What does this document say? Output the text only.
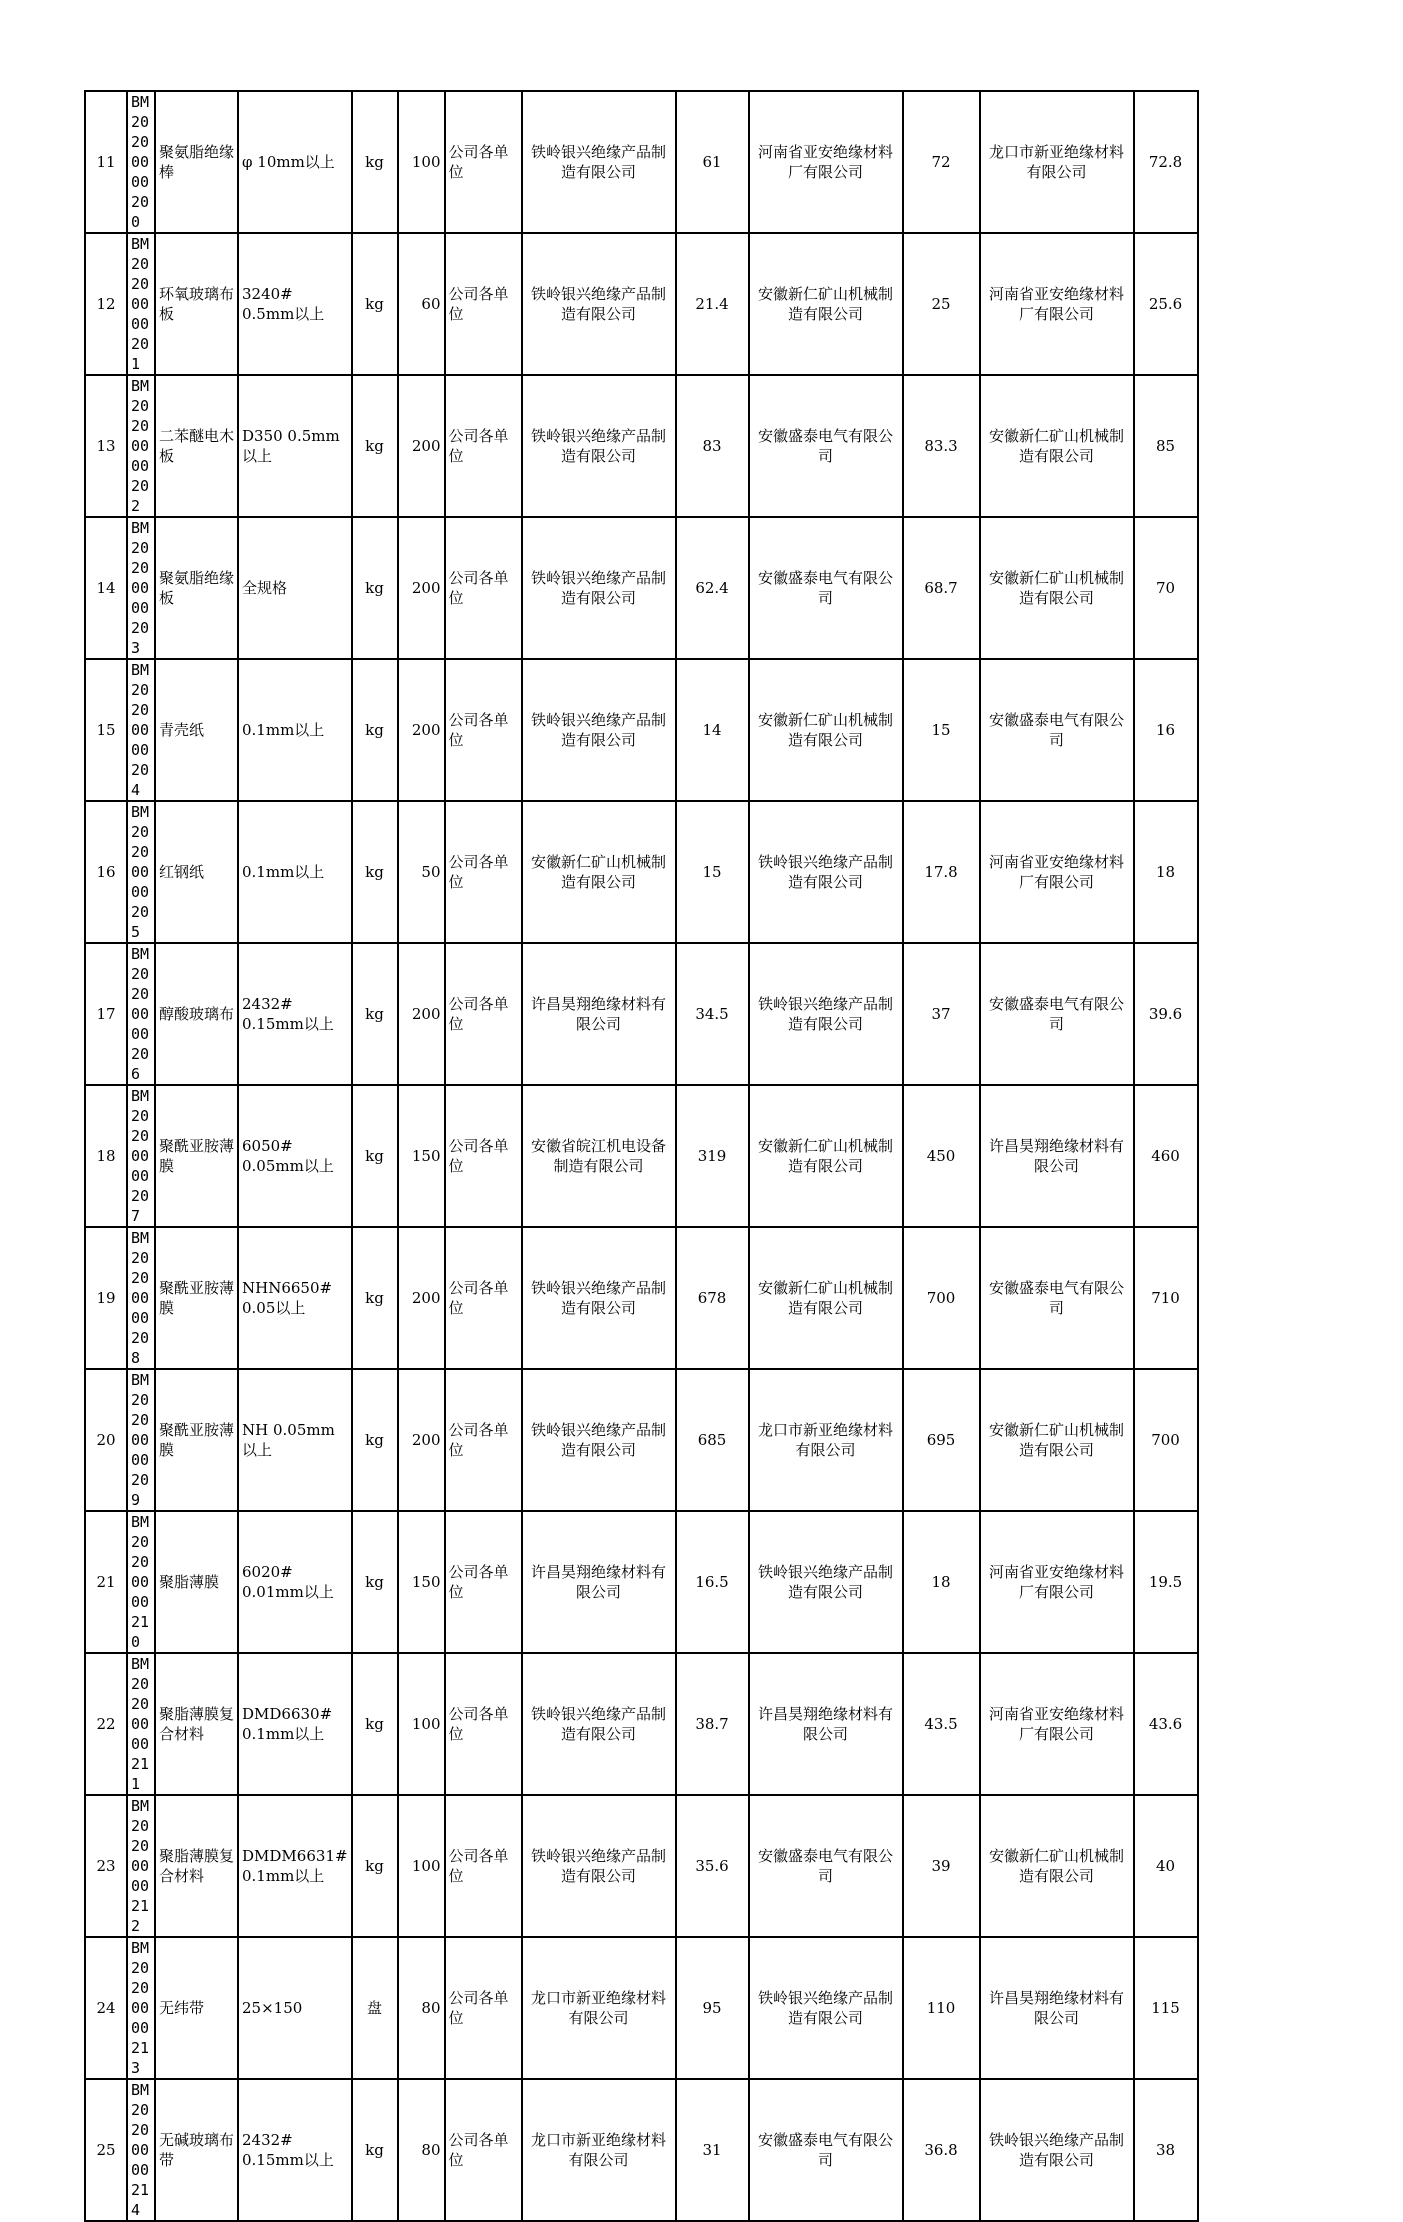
11	BM20200000200	聚氨脂绝缘棒	φ 10mm以上	kg	100	公司各单位	铁岭银兴绝缘产品制造有限公司	61	河南省亚安绝缘材料厂有限公司	72	龙口市新亚绝缘材料有限公司	72.8
12	BM20200000201	环氧玻璃布板	3240# 0.5mm以上	kg	60	公司各单位	铁岭银兴绝缘产品制造有限公司	21.4	安徽新仁矿山机械制造有限公司	25	河南省亚安绝缘材料厂有限公司	25.6
13	BM20200000202	二苯醚电木板	D350 0.5mm以上	kg	200	公司各单位	铁岭银兴绝缘产品制造有限公司	83	安徽盛泰电气有限公司	83.3	安徽新仁矿山机械制造有限公司	85
14	BM20200000203	聚氨脂绝缘板	全规格	kg	200	公司各单位	铁岭银兴绝缘产品制造有限公司	62.4	安徽盛泰电气有限公司	68.7	安徽新仁矿山机械制造有限公司	70
15	BM20200000204	青壳纸	0.1mm以上	kg	200	公司各单位	铁岭银兴绝缘产品制造有限公司	14	安徽新仁矿山机械制造有限公司	15	安徽盛泰电气有限公司	16
16	BM20200000205	红钢纸	0.1mm以上	kg	50	公司各单位	安徽新仁矿山机械制造有限公司	15	铁岭银兴绝缘产品制造有限公司	17.8	河南省亚安绝缘材料厂有限公司	18
17	BM20200000206	醇酸玻璃布	2432# 0.15mm以上	kg	200	公司各单位	许昌昊翔绝缘材料有限公司	34.5	铁岭银兴绝缘产品制造有限公司	37	安徽盛泰电气有限公司	39.6
18	BM20200000207	聚酰亚胺薄膜	6050# 0.05mm以上	kg	150	公司各单位	安徽省皖江机电设备制造有限公司	319	安徽新仁矿山机械制造有限公司	450	许昌昊翔绝缘材料有限公司	460
19	BM20200000208	聚酰亚胺薄膜	NHN6650# 0.05以上	kg	200	公司各单位	铁岭银兴绝缘产品制造有限公司	678	安徽新仁矿山机械制造有限公司	700	安徽盛泰电气有限公司	710
20	BM20200000209	聚酰亚胺薄膜	NH 0.05mm 以上	kg	200	公司各单位	铁岭银兴绝缘产品制造有限公司	685	龙口市新亚绝缘材料有限公司	695	安徽新仁矿山机械制造有限公司	700
21	BM20200000210	聚脂薄膜	6020# 0.01mm以上	kg	150	公司各单位	许昌昊翔绝缘材料有限公司	16.5	铁岭银兴绝缘产品制造有限公司	18	河南省亚安绝缘材料厂有限公司	19.5
22	BM20200000211	聚脂薄膜复合材料	DMD6630# 0.1mm以上	kg	100	公司各单位	铁岭银兴绝缘产品制造有限公司	38.7	许昌昊翔绝缘材料有限公司	43.5	河南省亚安绝缘材料厂有限公司	43.6
23	BM20200000212	聚脂薄膜复合材料	DMDM6631# 0.1mm以上	kg	100	公司各单位	铁岭银兴绝缘产品制造有限公司	35.6	安徽盛泰电气有限公司	39	安徽新仁矿山机械制造有限公司	40
24	BM20200000213	无纬带	25×150	盘	80	公司各单位	龙口市新亚绝缘材料有限公司	95	铁岭银兴绝缘产品制造有限公司	110	许昌昊翔绝缘材料有限公司	115
25	BM20200000214	无碱玻璃布带	2432# 0.15mm以上	kg	80	公司各单位	龙口市新亚绝缘材料有限公司	31	安徽盛泰电气有限公司	36.8	铁岭银兴绝缘产品制造有限公司	38
